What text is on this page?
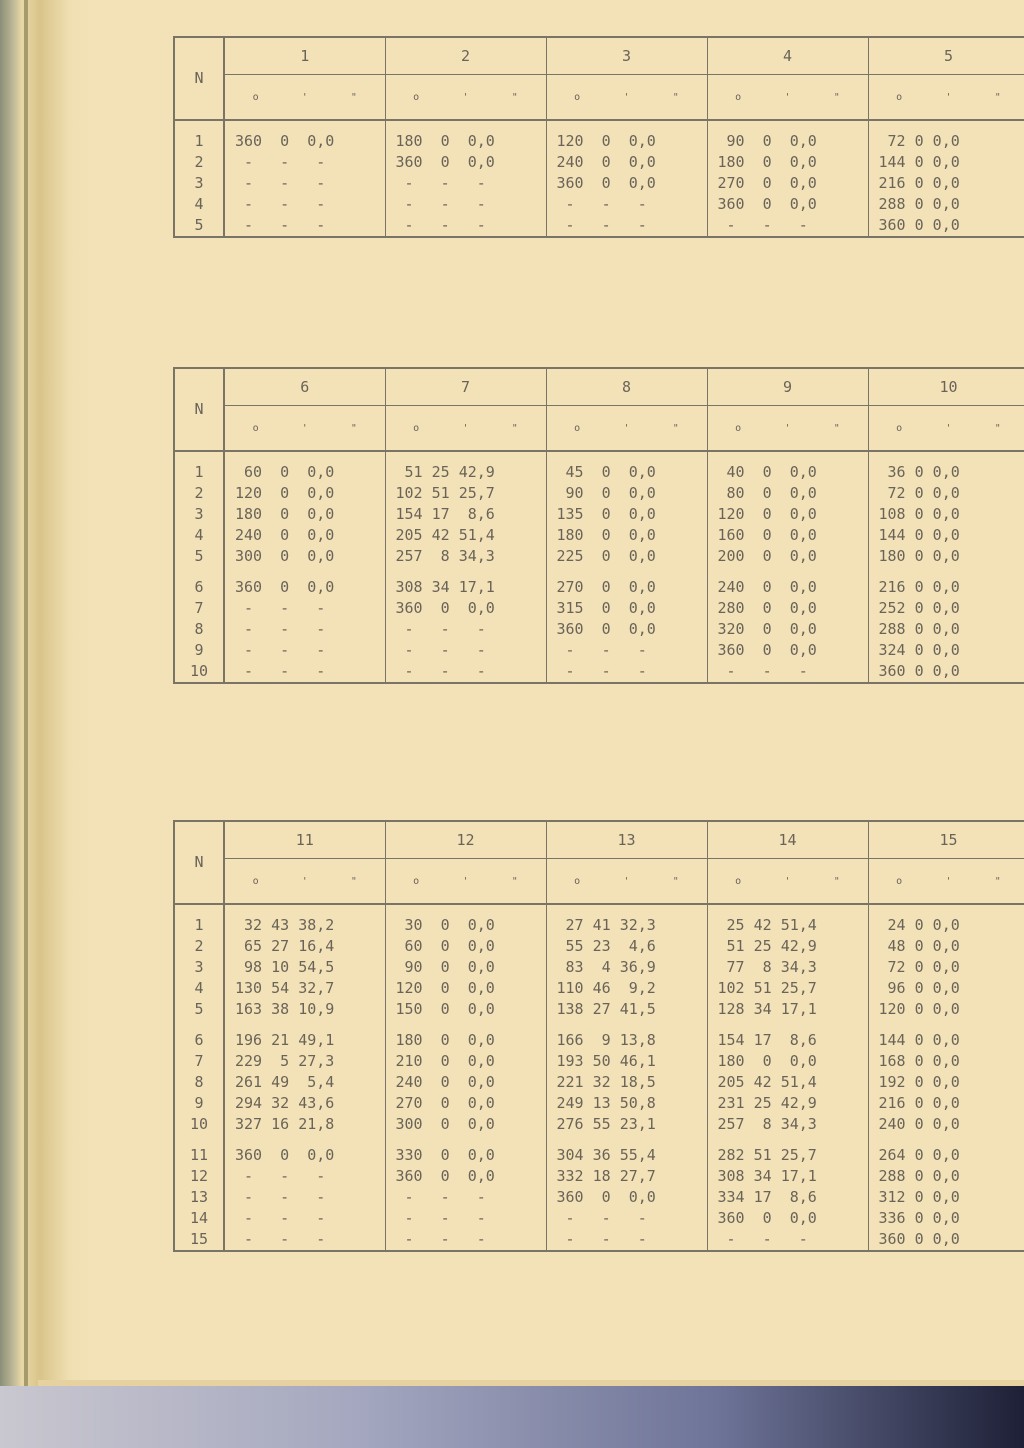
N	1	2	3	4	5	

	o ' "	o ' "	o ' "	o ' "	o ' "	

1	360  0  0,0	180  0  0,0	120  0  0,0	90  0  0,0	72 0 0,0	
2	-   -   -	360  0  0,0	240  0  0,0	180  0  0,0	144 0 0,0	
3	-   -   -	-   -   -	360  0  0,0	270  0  0,0	216 0 0,0	
4	-   -   -	-   -   -	-   -   -	360  0  0,0	288 0 0,0	
5	-   -   -	-   -   -	-   -   -	-   -   -	360 0 0,0	
N	6	7	8	9	10	

	o ' "	o ' "	o ' "	o ' "	o ' "	

1	60  0  0,0	51 25 42,9	45  0  0,0	40  0  0,0	36 0 0,0	
2	120  0  0,0	102 51 25,7	90  0  0,0	80  0  0,0	72 0 0,0	
3	180  0  0,0	154 17  8,6	135  0  0,0	120  0  0,0	108 0 0,0	
4	240  0  0,0	205 42 51,4	180  0  0,0	160  0  0,0	144 0 0,0	
5	300  0  0,0	257  8 34,3	225  0  0,0	200  0  0,0	180 0 0,0	

6	360  0  0,0	308 34 17,1	270  0  0,0	240  0  0,0	216 0 0,0	
7	-   -   -	360  0  0,0	315  0  0,0	280  0  0,0	252 0 0,0	
8	-   -   -	-   -   -	360  0  0,0	320  0  0,0	288 0 0,0	
9	-   -   -	-   -   -	-   -   -	360  0  0,0	324 0 0,0	
10	-   -   -	-   -   -	-   -   -	-   -   -	360 0 0,0	
N	11	12	13	14	15	

	o ' "	o ' "	o ' "	o ' "	o ' "	

1	32 43 38,2	30  0  0,0	27 41 32,3	25 42 51,4	24 0 0,0	
2	65 27 16,4	60  0  0,0	55 23  4,6	51 25 42,9	48 0 0,0	
3	98 10 54,5	90  0  0,0	83  4 36,9	77  8 34,3	72 0 0,0	
4	130 54 32,7	120  0  0,0	110 46  9,2	102 51 25,7	96 0 0,0	
5	163 38 10,9	150  0  0,0	138 27 41,5	128 34 17,1	120 0 0,0	

6	196 21 49,1	180  0  0,0	166  9 13,8	154 17  8,6	144 0 0,0	
7	229  5 27,3	210  0  0,0	193 50 46,1	180  0  0,0	168 0 0,0	
8	261 49  5,4	240  0  0,0	221 32 18,5	205 42 51,4	192 0 0,0	
9	294 32 43,6	270  0  0,0	249 13 50,8	231 25 42,9	216 0 0,0	
10	327 16 21,8	300  0  0,0	276 55 23,1	257  8 34,3	240 0 0,0	

11	360  0  0,0	330  0  0,0	304 36 55,4	282 51 25,7	264 0 0,0	
12	-   -   -	360  0  0,0	332 18 27,7	308 34 17,1	288 0 0,0	
13	-   -   -	-   -   -	360  0  0,0	334 17  8,6	312 0 0,0	
14	-   -   -	-   -   -	-   -   -	360  0  0,0	336 0 0,0	
15	-   -   -	-   -   -	-   -   -	-   -   -	360 0 0,0	
